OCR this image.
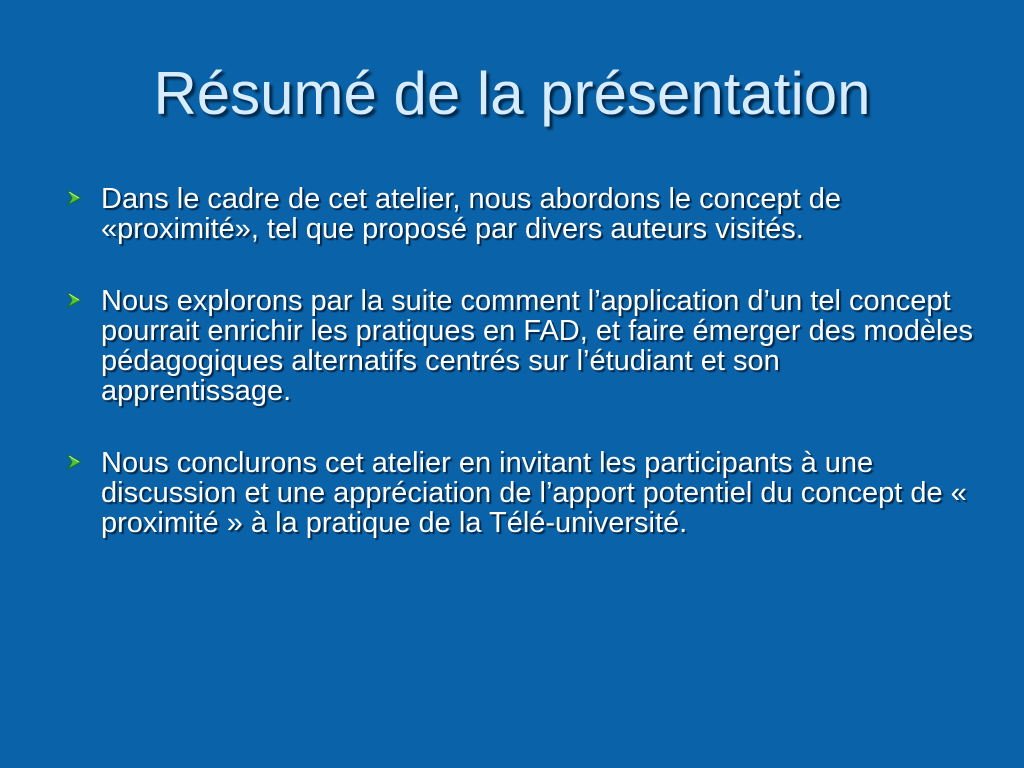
Résumé de la présentation
Dans le cadre de cet atelier, nous abordons le concept de «proximité», tel que proposé par divers auteurs visités.
Nous explorons par la suite comment l’application d’un tel concept pourrait enrichir les pratiques en FAD, et faire émerger des modèles pédagogiques alternatifs centrés sur l’étudiant et son apprentissage.
Nous conclurons cet atelier en invitant les participants à une discussion et une appréciation de l’apport potentiel du concept de « proximité » à la pratique de la Télé-université.
